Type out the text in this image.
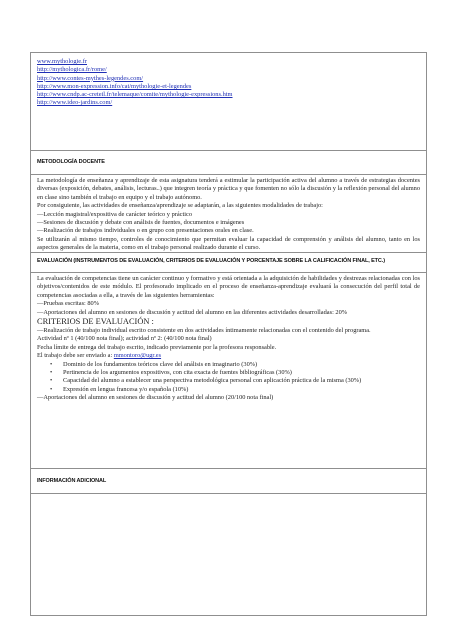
www.mythologie.fr
http://mythologica.fr/rome/
http://www.contes-mythes-legendes.com/
http://www.mon-expression.info/cat/mythologie-et-legendes
http://www.cndp.ac-creteil.fr/telemaque/comite/mythologie-expressions.htm
http://www.ideo-jardins.com/
METODOLOGÍA DOCENTE

La metodología de enseñanza y aprendizaje de esta asignatura tenderá a estimular la participación activa del alumno a través de estrategias docentes diversas (exposición, debates, análisis, lecturas..) que integren teoría y práctica y que fomenten no sólo la discusión y la reflexión personal del alumno en clase sino también el trabajo en equipo y el trabajo autónomo.

Por consiguiente, las actividades de enseñanza/aprendizaje se adaptarán, a las siguientes modalidades de trabajo:

—Lección magistral/expositiva de carácter teórico y práctico

—Sesiones de discusión y debate con análisis de fuentes, documentos e imágenes

—Realización de trabajos individuales o en grupo con presentaciones orales en clase.

Se utilizarán al mismo tiempo, controles de conocimiento que permitan evaluar la capacidad de comprensión y análisis del alumno, tanto en los aspectos generales de la materia, como en el trabajo personal realizado durante el curso.

EVALUACIÓN (INSTRUMENTOS DE EVALUACIÓN, CRITERIOS DE EVALUACIÓN Y PORCENTAJE SOBRE LA CALIFICACIÓN FINAL, ETC.)

La evaluación de competencias tiene un carácter continuo y formativo y está orientada a la adquisición de habilidades y destrezas relacionadas con los objetivos/contenidos de este módulo. El profesorado implicado en el proceso de enseñanza-aprendizaje evaluará la consecución del perfil total de competencias asociadas a ella, a través de las siguientes herramientas:

—Pruebas escritas: 80%

—Aportaciones del alumno en sesiones de discusión y actitud del alumno en las diferentes actividades desarrolladas: 20%

CRITERIOS DE EVALUACIÓN :

—Realización de trabajo individual escrito consistente en dos actividades íntimamente relacionadas con el contenido del programa.

Actividad nº 1 (40/100 nota final); actividad nº 2: (40/100 nota final)

Fecha límite de entrega del trabajo escrito, indicado previamente por la profesora responsable.

El trabajo debe ser enviado a: mmontoro@ugr.es

• Dominio de los fundamentos teóricos clave del análisis en imaginario (30%)

• Pertinencia de los argumentos expositivos, con cita exacta de fuentes bibliográficas (30%)

• Capacidad del alumno a establecer una perspectiva metodológica personal con aplicación práctica de la misma (30%)

• Expresión en lengua francesa y/o española (10%)

—Aportaciones del alumno en sesiones de discusión y actitud del alumno (20/100 nota final)

INFORMACIÓN ADICIONAL
